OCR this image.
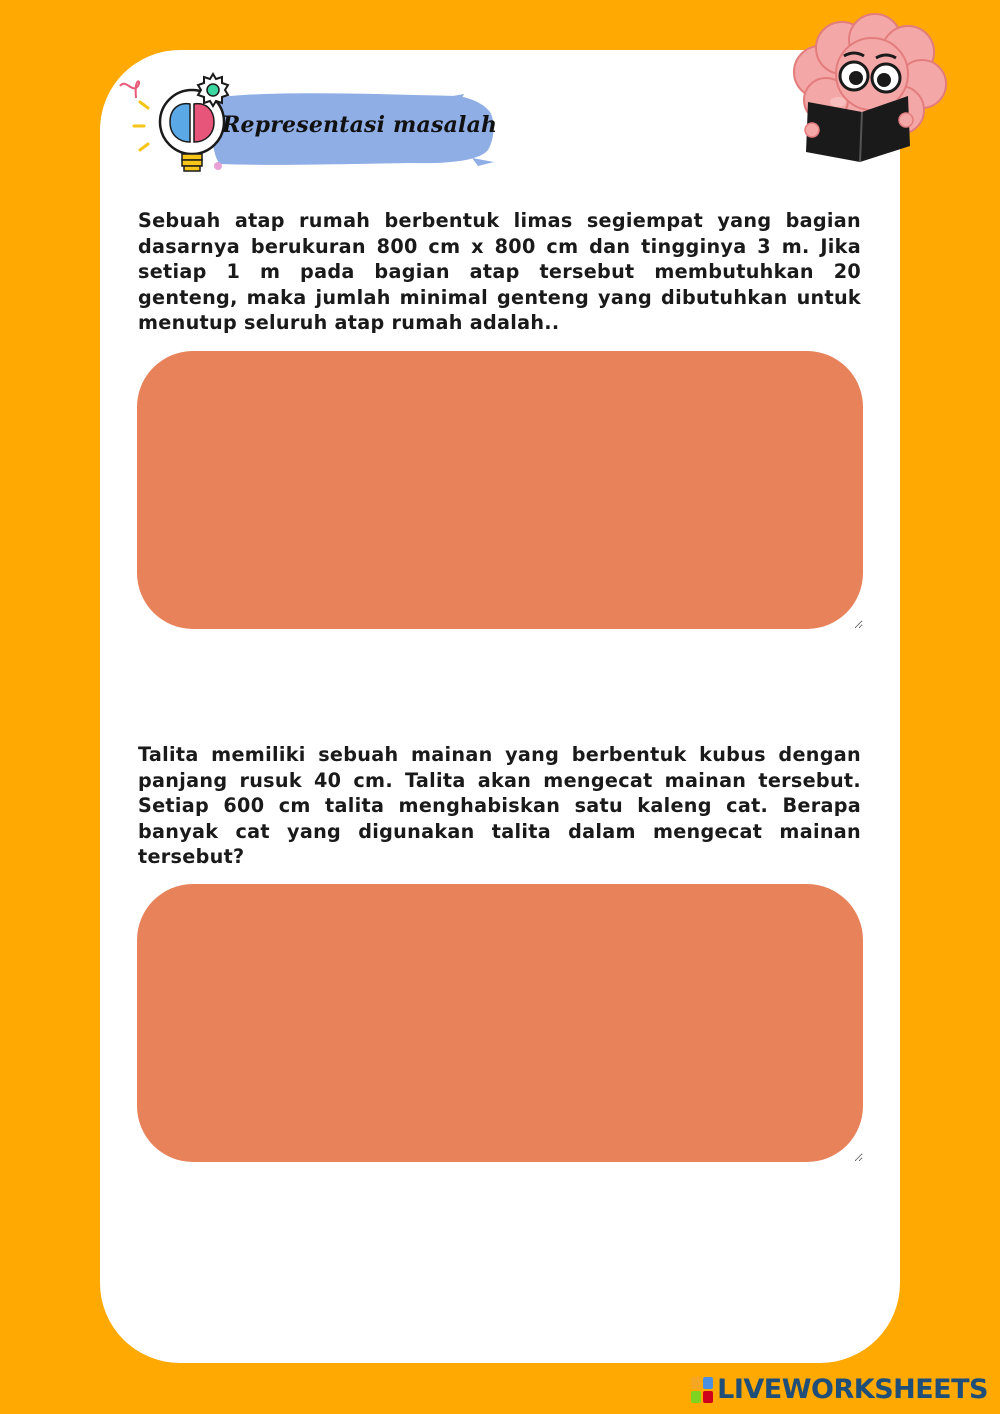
Representasi masalah

Sebuah atap rumah berbentuk limas segiempat yang bagian dasarnya berukuran 800 cm x 800 cm dan tingginya 3 m. Jika setiap 1 m pada bagian atap tersebut membutuhkan 20 genteng, maka jumlah minimal genteng yang dibutuhkan untuk menutup seluruh atap rumah adalah..

Talita memiliki sebuah mainan yang berbentuk kubus dengan panjang rusuk 40 cm. Talita akan mengecat mainan tersebut. Setiap 600 cm talita menghabiskan satu kaleng cat. Berapa banyak cat yang digunakan talita dalam mengecat mainan tersebut?

LIVEWORKSHEETS
